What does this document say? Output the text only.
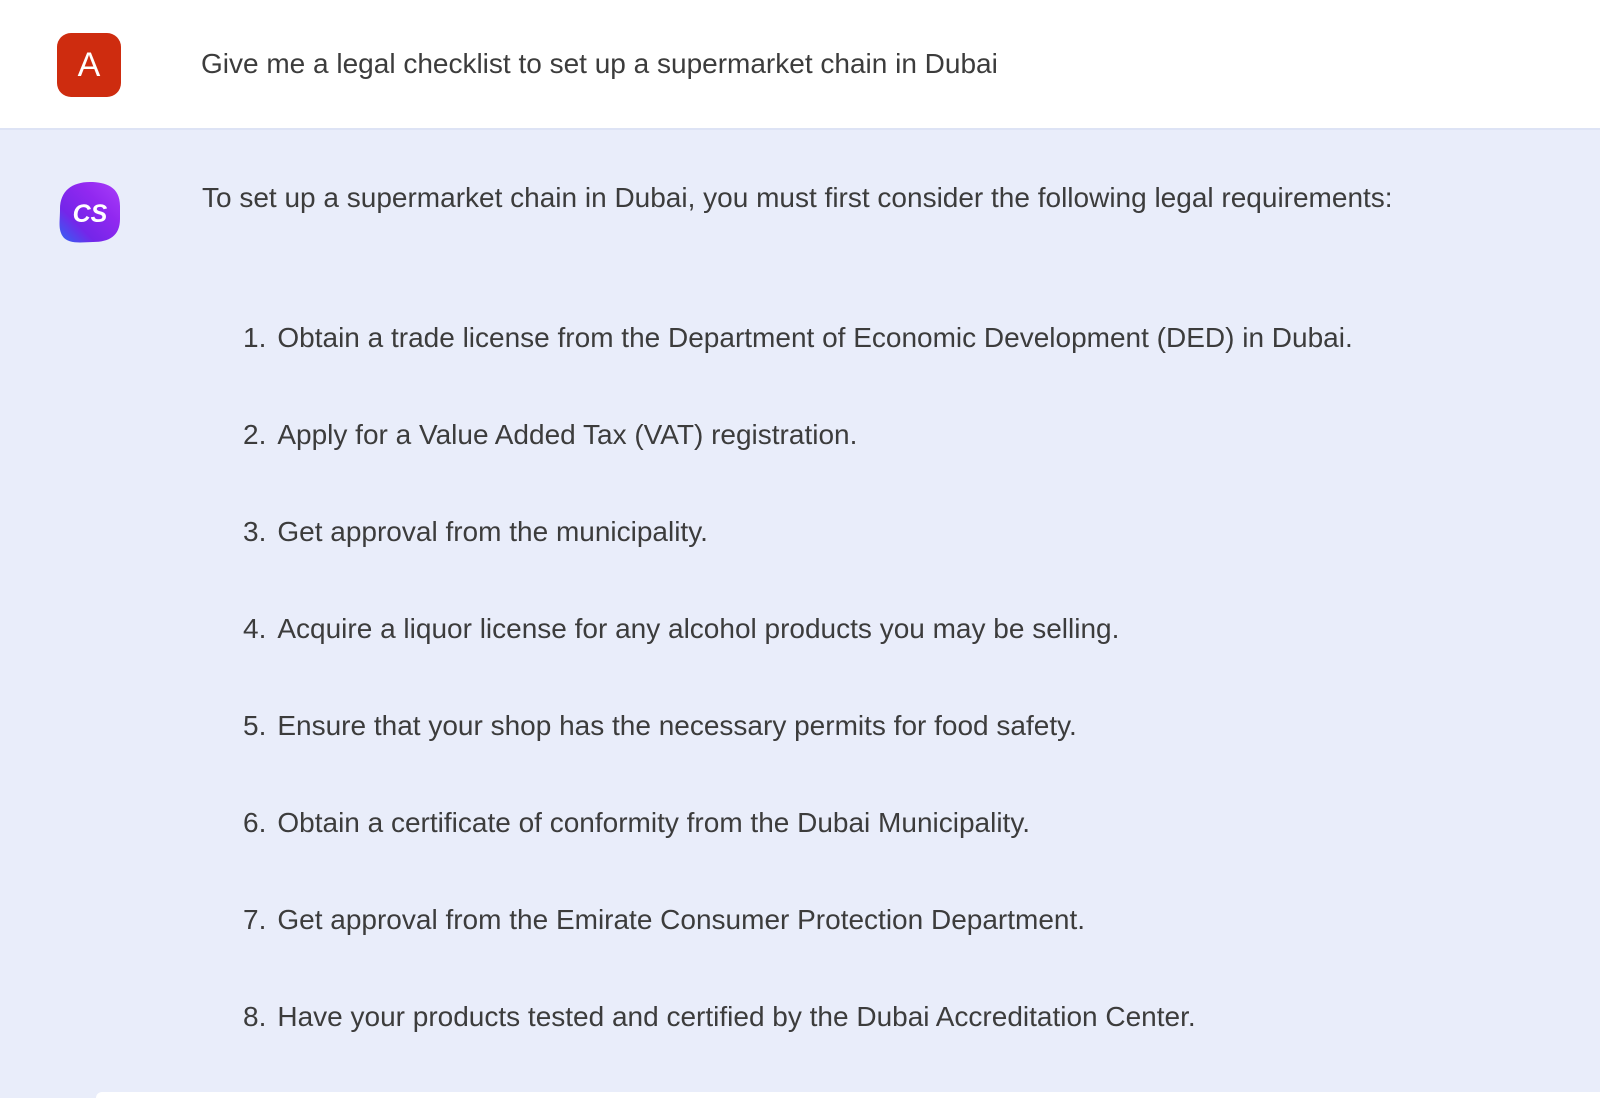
A	Give me a legal checklist to set up a supermarket chain in Dubai
CS

To set up a supermarket chain in Dubai, you must first consider the following legal requirements:

1. Obtain a trade license from the Department of Economic Development (DED) in Dubai.
2. Apply for a Value Added Tax (VAT) registration.
3. Get approval from the municipality.
4. Acquire a liquor license for any alcohol products you may be selling.
5. Ensure that your shop has the necessary permits for food safety.
6. Obtain a certificate of conformity from the Dubai Municipality.
7. Get approval from the Emirate Consumer Protection Department.
8. Have your products tested and certified by the Dubai Accreditation Center.
